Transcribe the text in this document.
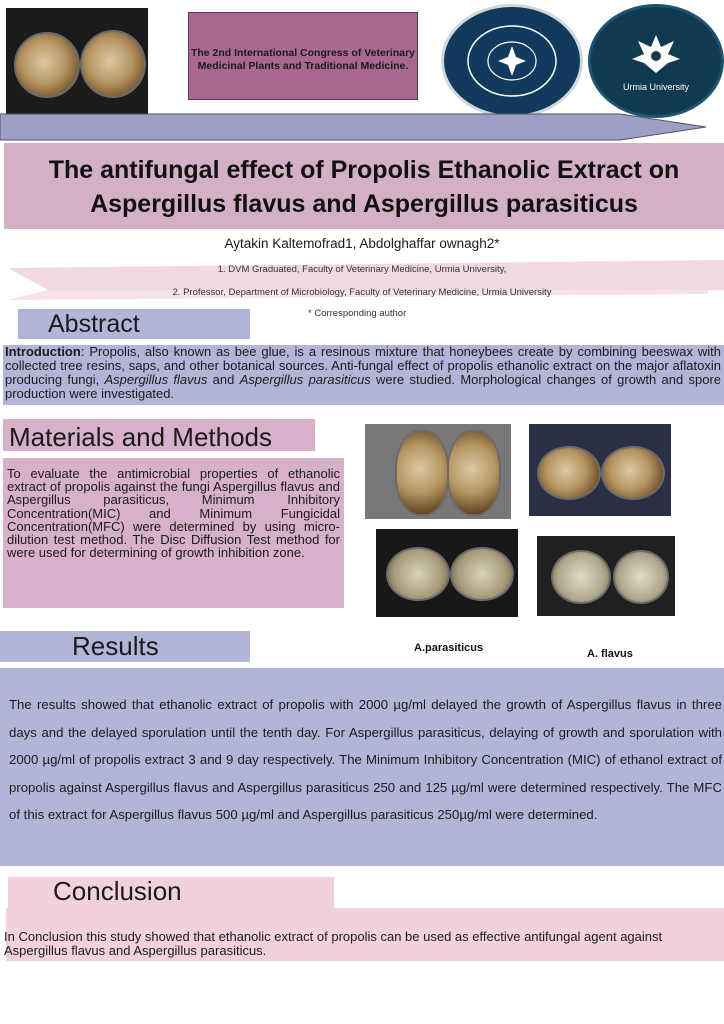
The 2nd International Congress of Veterinary
Medicinal Plants and Traditional Medicine.
Urmia University
The antifungal effect of Propolis Ethanolic Extract on
Aspergillus flavus and Aspergillus parasiticus
Aytakin Kaltemofrad1, Abdolghaffar ownagh2*
1. DVM Graduated, Faculty of Veterinary Medicine, Urmia University,
2. Professor, Department of Microbiology, Faculty of Veterinary Medicine, Urmia University
Abstract	* Corresponding author
Introduction: Propolis, also known as bee glue, is a resinous mixture that honeybees create by combining beeswax with collected tree resins, saps, and other botanical sources. Anti-fungal effect of propolis ethanolic extract on the major aflatoxin producing fungi, Aspergillus flavus and Aspergillus parasiticus were studied. Morphological changes of growth and spore production were investigated.
Materials and Methods
To evaluate the antimicrobial properties of ethanolic extract of propolis against the fungi Aspergillus flavus and Aspergillus parasiticus, Minimum Inhibitory Concentration(MIC) and Minimum Fungicidal Concentration(MFC) were determined by using micro-dilution test method. The Disc Diffusion Test method for were used for determining of growth inhibition zone.
A.parasiticus	A. flavus
Results
The results showed that ethanolic extract of propolis with 2000 µg/ml delayed the growth of Aspergillus flavus in three days and the delayed sporulation until the tenth day. For Aspergillus parasiticus, delaying of growth and sporulation with 2000 µg/ml of propolis extract 3 and 9 day respectively. The Minimum Inhibitory Concentration (MIC) of ethanol extract of propolis against Aspergillus flavus and Aspergillus parasiticus 250 and 125 µg/ml were determined respectively. The MFC of this extract for Aspergillus flavus 500 µg/ml and Aspergillus parasiticus 250µg/ml were determined.
Conclusion
In Conclusion this study showed that ethanolic extract of propolis can be used as effective antifungal agent against Aspergillus flavus and Aspergillus parasiticus.
